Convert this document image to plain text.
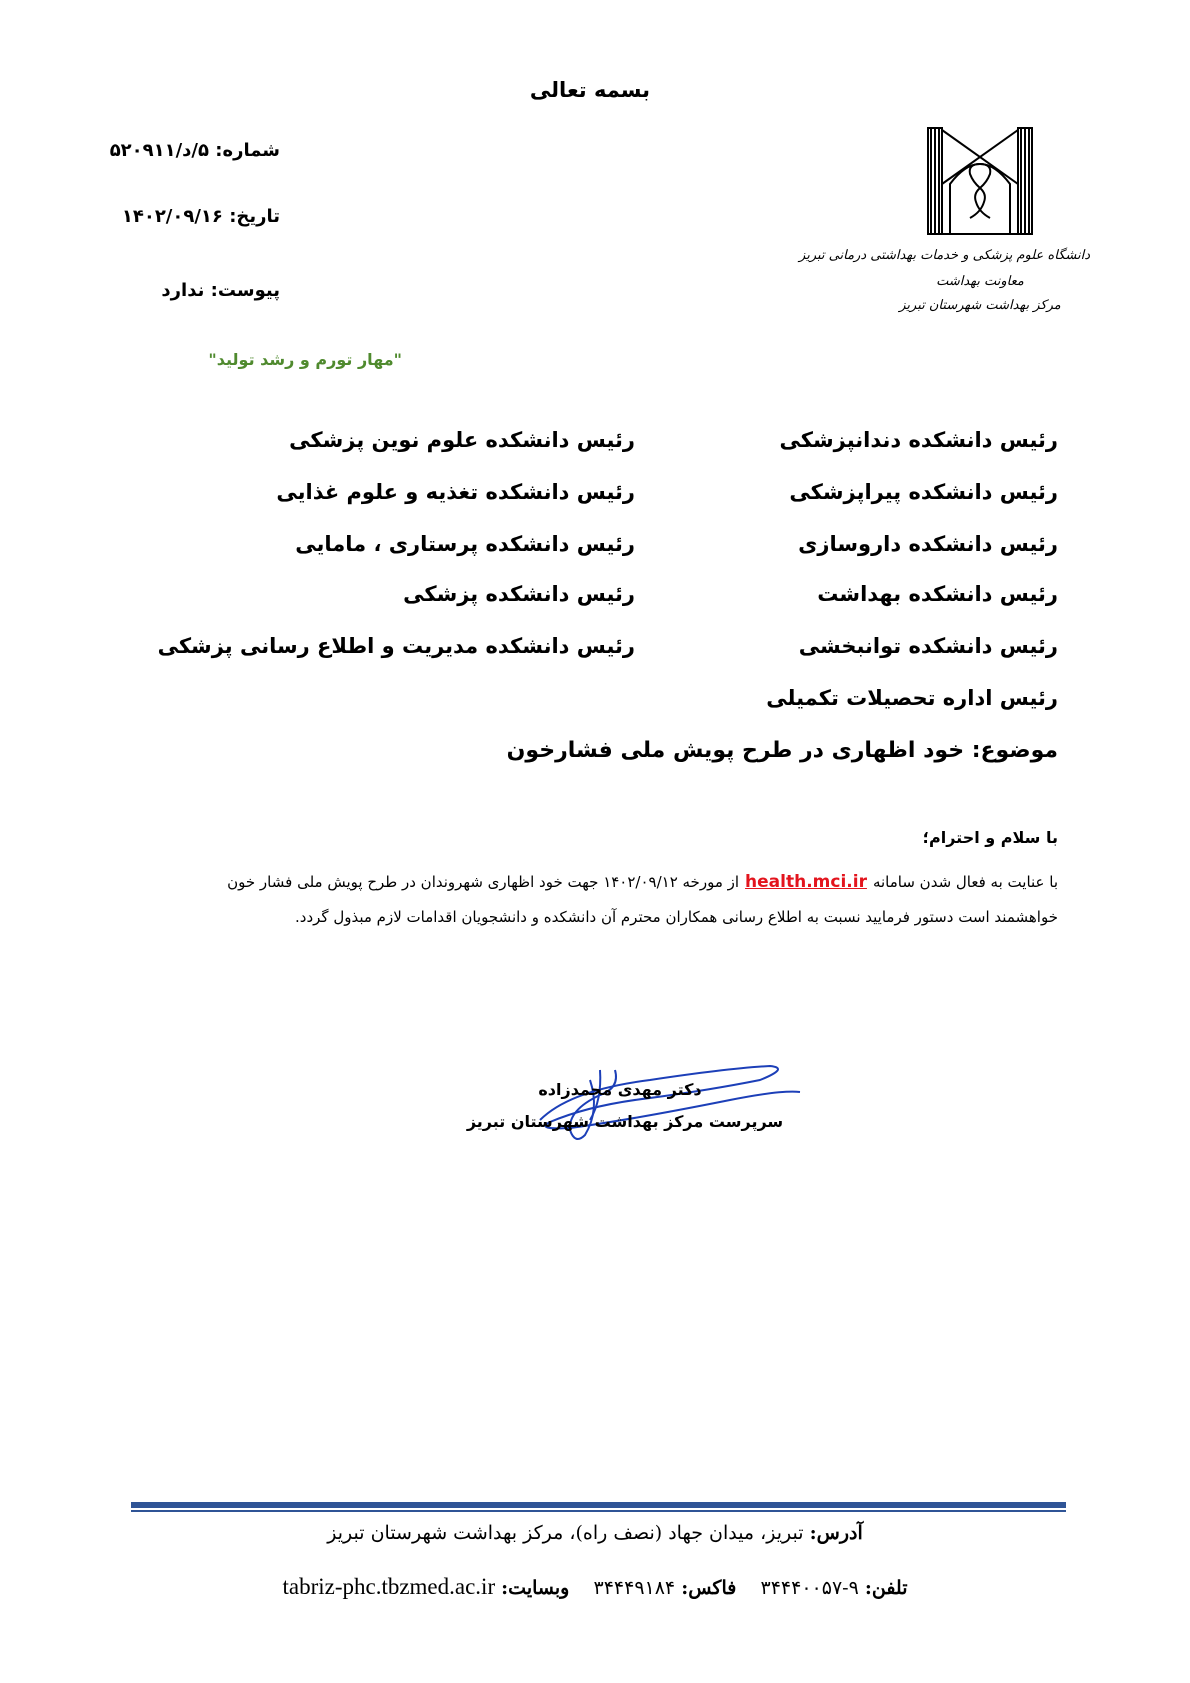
بسمه تعالی
شماره: ۵/د/۵۲۰۹۱۱
تاریخ: ۱۴۰۲/۰۹/۱۶
پیوست: ندارد
"مهار تورم و رشد تولید"
دانشگاه علوم پزشکی و خدمات بهداشتی درمانی تبریز
معاونت بهداشت
مرکز بهداشت شهرستان تبریز
رئیس دانشکده دندانپزشکی
رئیس دانشکده پیراپزشکی
رئیس دانشکده داروسازی
رئیس دانشکده بهداشت
رئیس دانشکده توانبخشی
رئیس اداره تحصیلات تکمیلی
رئیس دانشکده علوم نوین پزشکی
رئیس دانشکده تغذیه و علوم غذایی
رئیس دانشکده پرستاری ، مامایی
رئیس دانشکده پزشکی
رئیس دانشکده مدیریت و اطلاع رسانی پزشکی
موضوع: خود اظهاری در طرح پویش ملی فشارخون
با سلام و احترام؛
با عنایت به فعال شدن سامانهhealth.mci.irاز مورخه ۱۴۰۲/۰۹/۱۲ جهت خود اظهاری شهروندان در طرح پویش ملی فشار خون
خواهشمند است دستور فرمایید نسبت به اطلاع رسانی همکاران محترم آن دانشکده و دانشجویان اقدامات لازم مبذول گردد.
دکتر مهدی محمدزاده
سرپرست مرکز بهداشت شهرستان تبریز
آدرس: تبریز، میدان جهاد (نصف راه)، مرکز بهداشت شهرستان تبریز
تلفن: ۹-۳۴۴۴۰۰۵۷    فاکس: ۳۴۴۴۹۱۸۴    وبسایت: tabriz-phc.tbzmed.ac.ir
